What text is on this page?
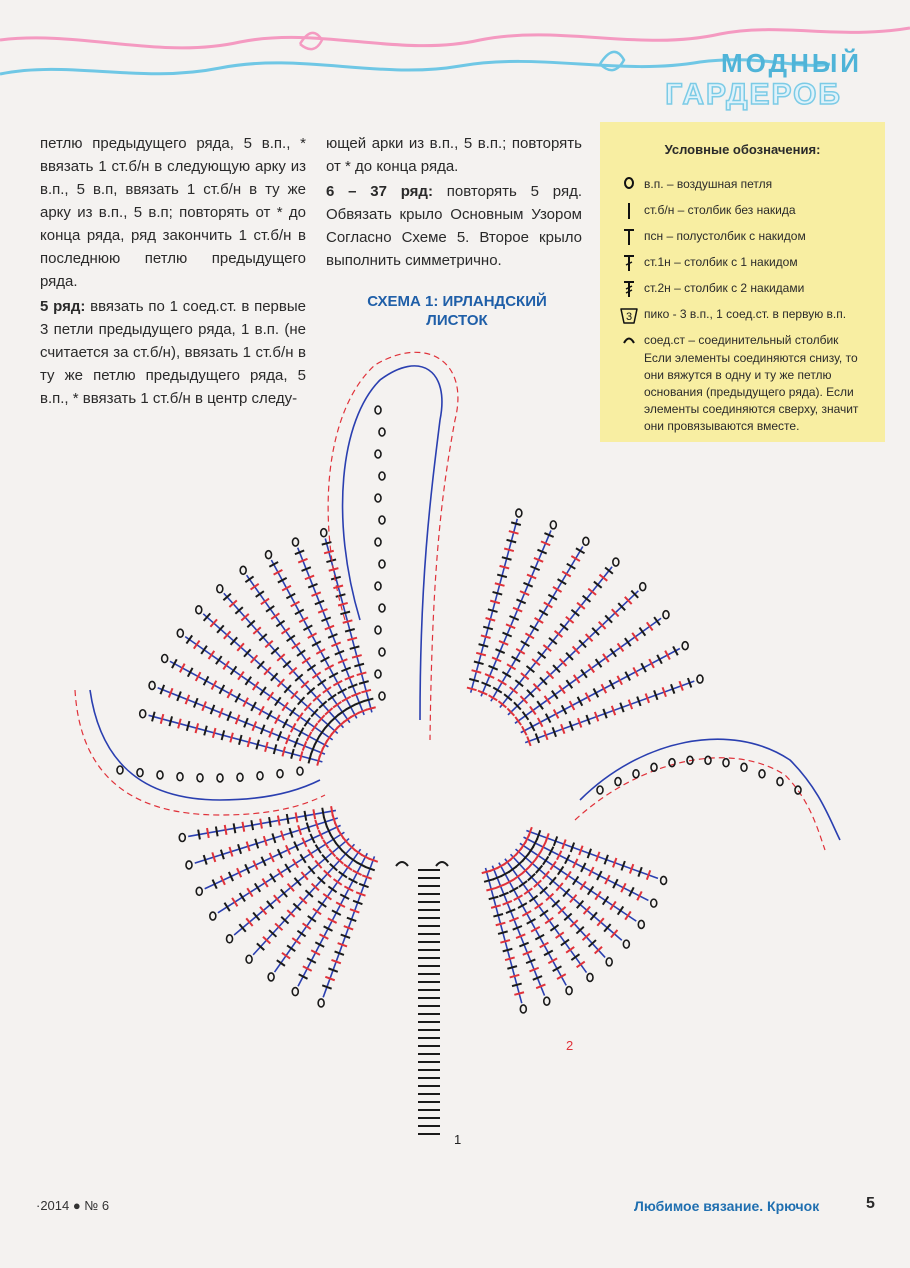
МОДНЫЙ
ГАРДЕРОБ

петлю предыдущего ряда, 5 в.п., * ввязать 1 ст.б/н в следующую арку из в.п., 5 в.п, ввязать 1 ст.б/н в ту же арку из в.п., 5 в.п; повторять от * до конца ряда, ряд закончить 1 ст.б/н в последнюю петлю предыдущего ряда.

5 ряд: ввязать по 1 соед.ст. в первые 3 петли предыдущего ряда, 1 в.п. (не считается за ст.б/н), ввязать 1 ст.б/н в ту же петлю предыдущего ряда, 5 в.п., * ввязать 1 ст.б/н в центр следу-

ющей арки из в.п., 5 в.п.; повторять от * до конца ряда.

6 – 37 ряд: повторять 5 ряд. Обвязать крыло Основным Узором Согласно Схеме 5. Второе крыло выполнить симметрично.

Условные обозначения:
в.п. – воздушная петля
ст.б/н – столбик без накида
псн – полустолбик с накидом
ст.1н – столбик с 1 накидом
ст.2н – столбик с 2 накидами
3 пико - 3 в.п., 1 соед.ст. в первую в.п.
соед.ст – соединительный столбик
Если элементы соединяются снизу, то они вяжутся в одну и ту же петлю основания (предыдущего ряда). Если элементы соединяются сверху, значит они провязываются вместе.
СХЕМА 1: ИРЛАНДСКИЙ
ЛИСТОК
2
1
·2014 ● № 6	Любимое вязание. Крючок	5
